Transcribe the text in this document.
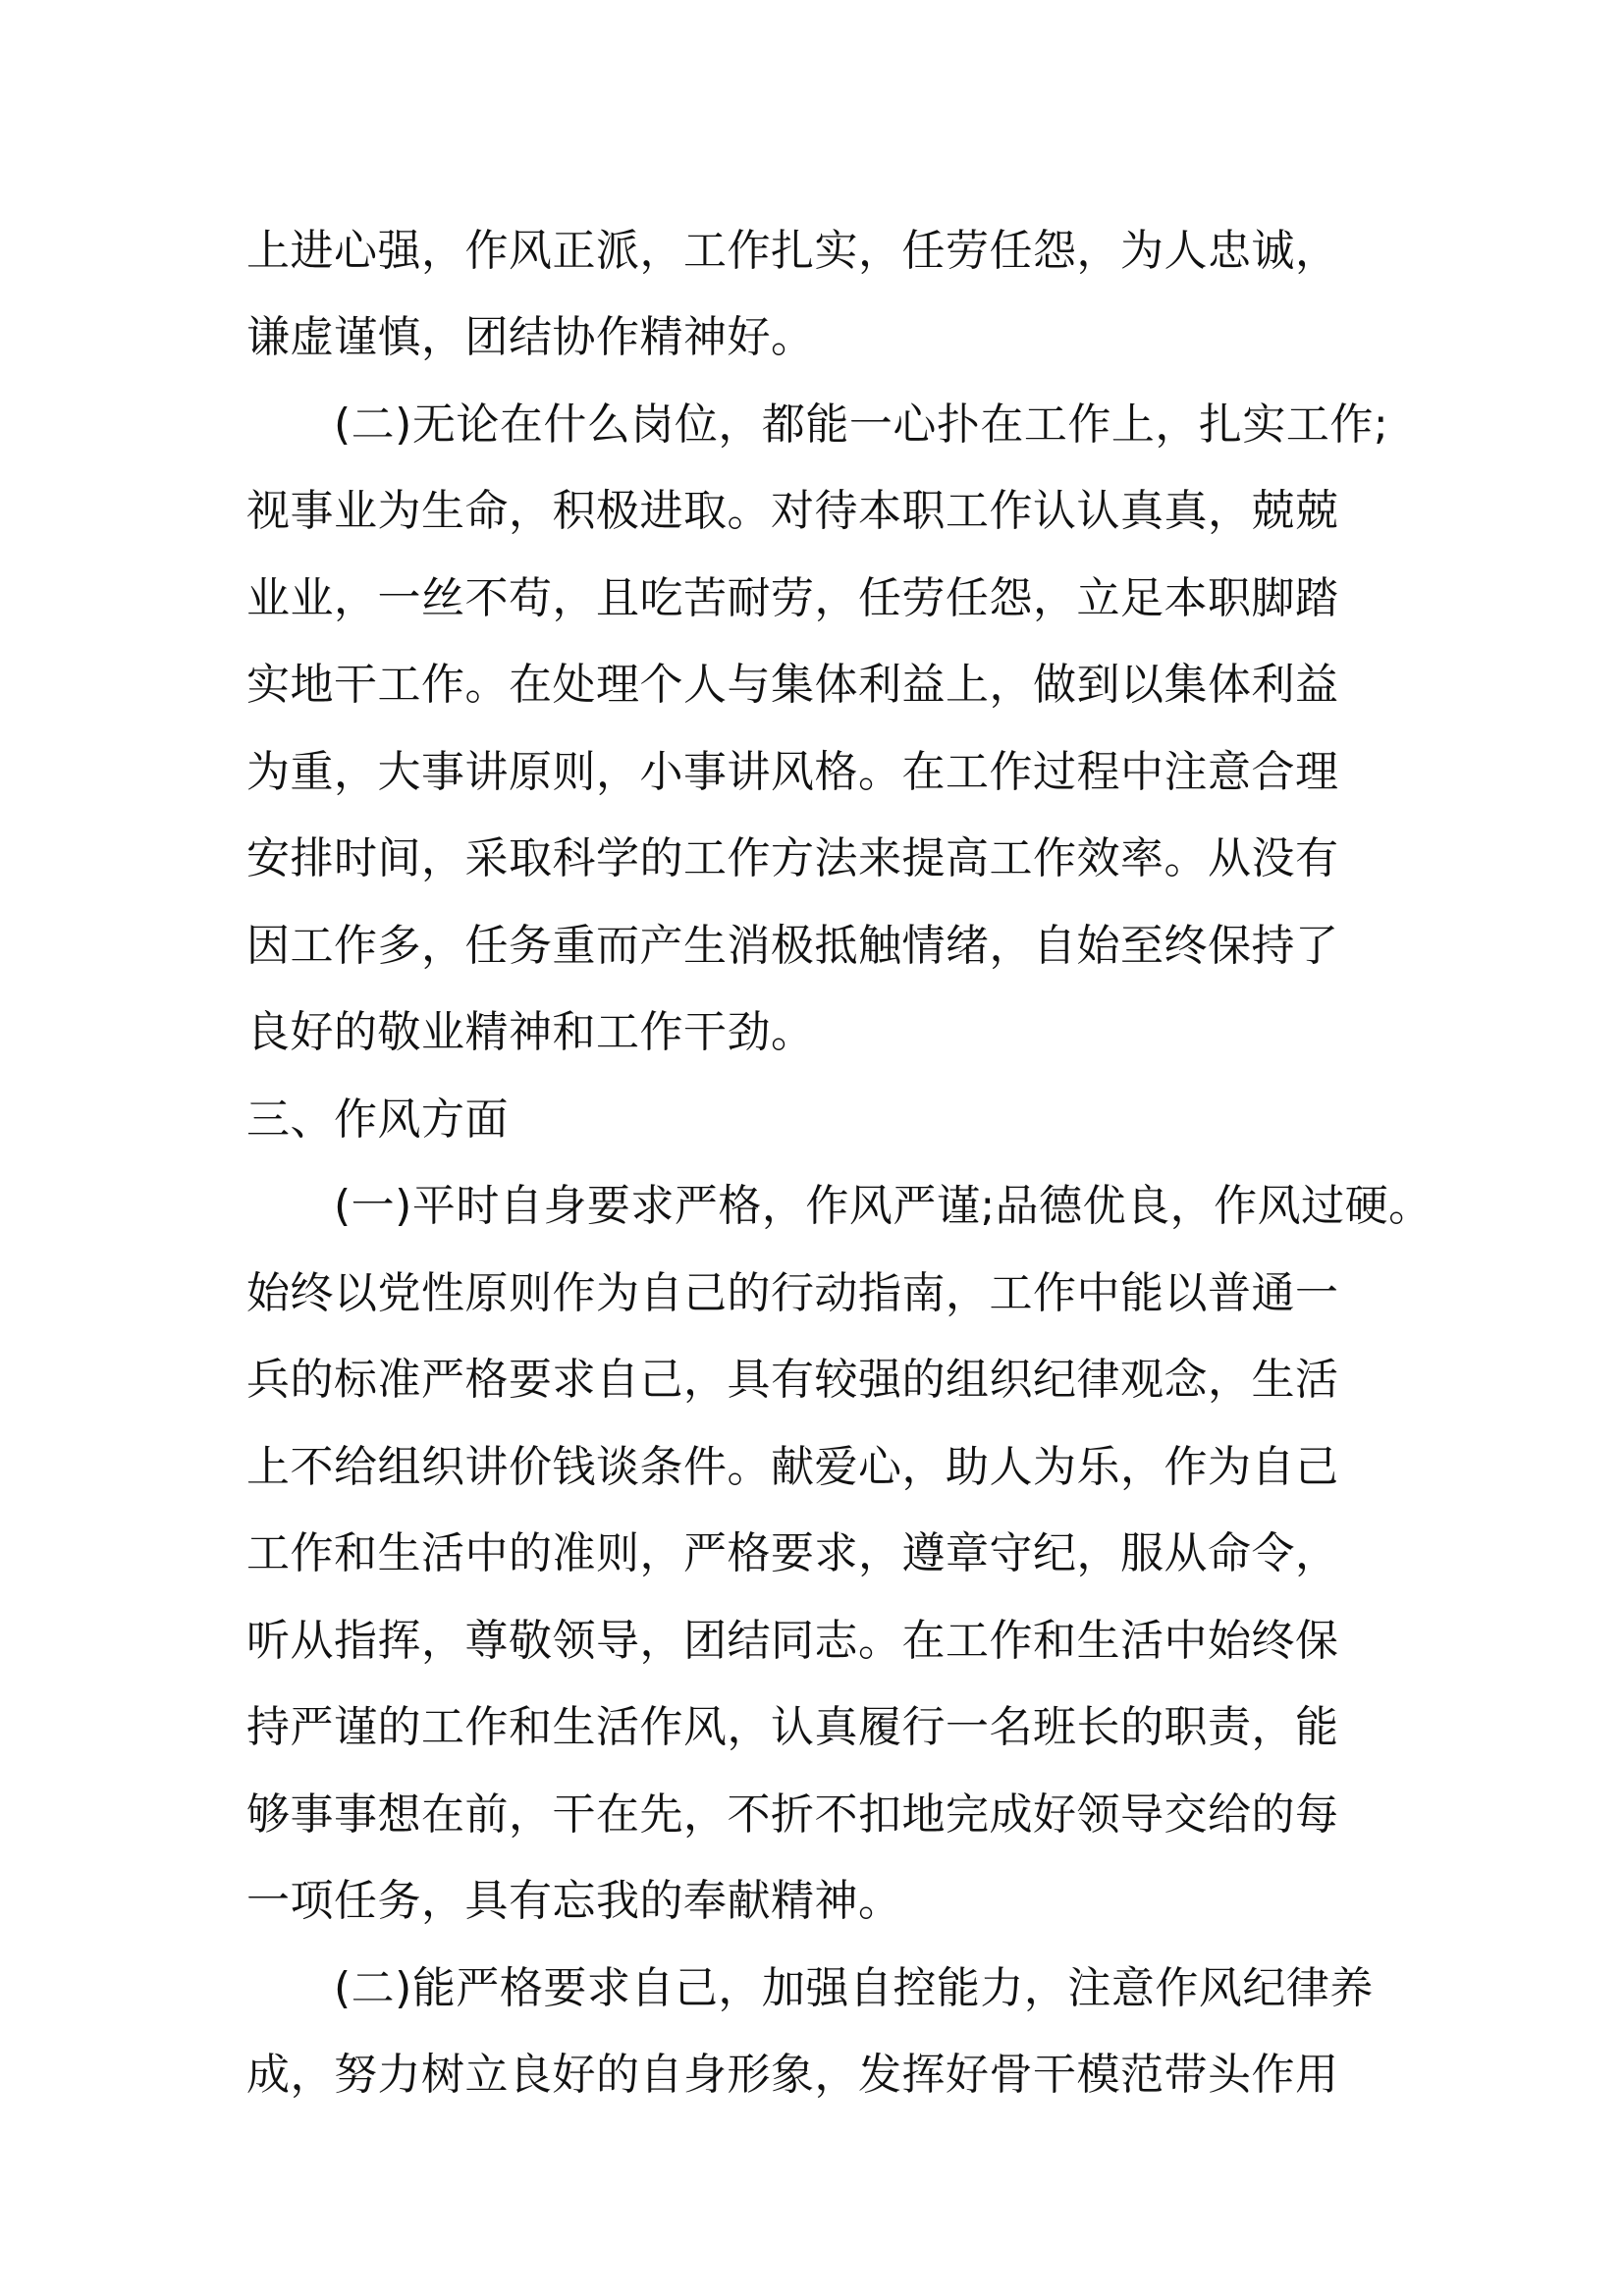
上进心强，作风正派，工作扎实，任劳任怨，为人忠诚，
谦虚谨慎，团结协作精神好。
(二)无论在什么岗位，都能一心扑在工作上，扎实工作;
视事业为生命，积极进取。对待本职工作认认真真，兢兢
业业，一丝不苟，且吃苦耐劳，任劳任怨，立足本职脚踏
实地干工作。在处理个人与集体利益上，做到以集体利益
为重，大事讲原则，小事讲风格。在工作过程中注意合理
安排时间，采取科学的工作方法来提高工作效率。从没有
因工作多，任务重而产生消极抵触情绪，自始至终保持了
良好的敬业精神和工作干劲。
三、作风方面
(一)平时自身要求严格，作风严谨;品德优良，作风过硬。
始终以党性原则作为自己的行动指南，工作中能以普通一
兵的标准严格要求自己，具有较强的组织纪律观念，生活
上不给组织讲价钱谈条件。献爱心，助人为乐，作为自己
工作和生活中的准则，严格要求，遵章守纪，服从命令，
听从指挥，尊敬领导，团结同志。在工作和生活中始终保
持严谨的工作和生活作风，认真履行一名班长的职责，能
够事事想在前，干在先，不折不扣地完成好领导交给的每
一项任务，具有忘我的奉献精神。
(二)能严格要求自己，加强自控能力，注意作风纪律养
成，努力树立良好的自身形象，发挥好骨干模范带头作用
